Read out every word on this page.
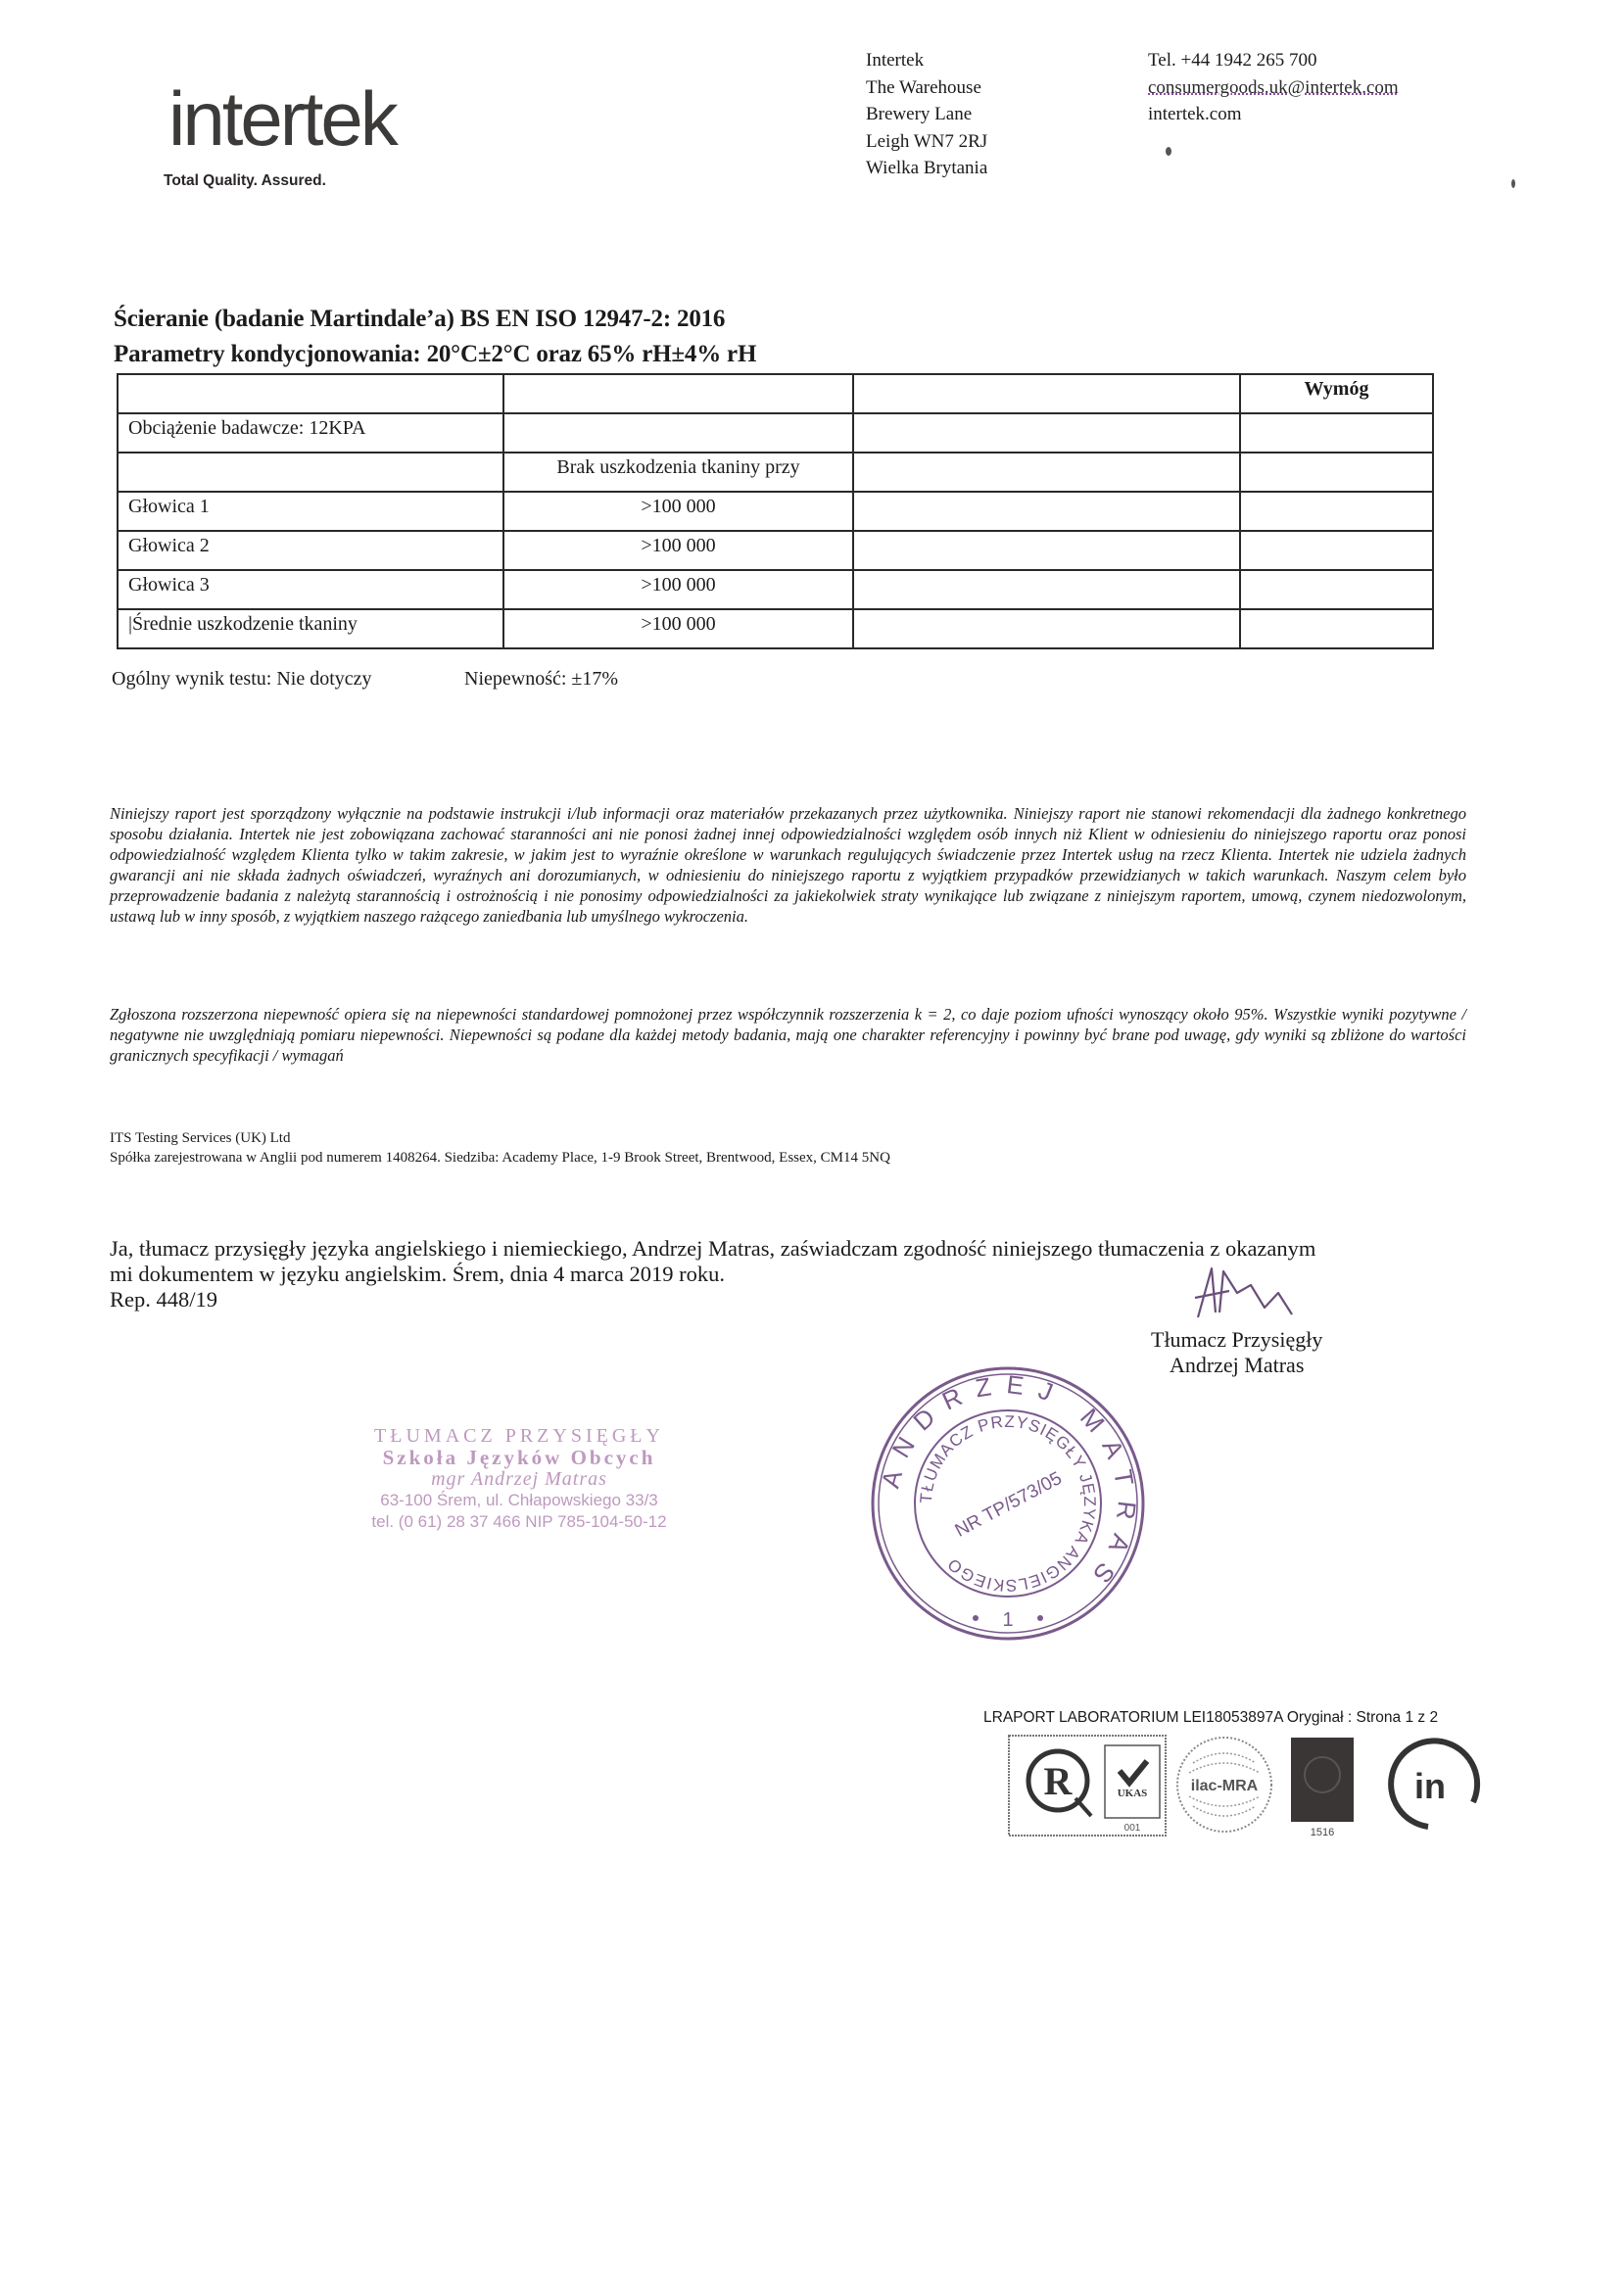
intertek
Total Quality. Assured.
Intertek
The Warehouse
Brewery Lane
Leigh WN7 2RJ
Wielka Brytania
Tel. +44 1942 265 700
consumergoods.uk@intertek.com
intertek.com
Ścieranie (badanie Martindale’a) BS EN ISO 12947-2: 2016
Parametry kondycjonowania: 20°C±2°C oraz 65% rH±4% rH
			Wymóg
Obciążenie badawcze: 12KPA			
	Brak uszkodzenia tkaniny przy		
Głowica 1	>100 000		
Głowica 2	>100 000		
Głowica 3	>100 000		
|Średnie uszkodzenie tkaniny	>100 000		
Ogólny wynik testu: Nie dotyczy	Niepewność: ±17%
Niniejszy raport jest sporządzony wyłącznie na podstawie instrukcji i/lub informacji oraz materiałów przekazanych przez użytkownika. Niniejszy raport nie stanowi rekomendacji dla żadnego konkretnego sposobu działania. Intertek nie jest zobowiązana zachować staranności ani nie ponosi żadnej innej odpowiedzialności względem osób innych niż Klient w odniesieniu do niniejszego raportu oraz ponosi odpowiedzialność względem Klienta tylko w takim zakresie, w jakim jest to wyraźnie określone w warunkach regulujących świadczenie przez Intertek usług na rzecz Klienta. Intertek nie udziela żadnych gwarancji ani nie składa żadnych oświadczeń, wyraźnych ani dorozumianych, w odniesieniu do niniejszego raportu z wyjątkiem przypadków przewidzianych w takich warunkach. Naszym celem było przeprowadzenie badania z należytą starannością i ostrożnością i nie ponosimy odpowiedzialności za jakiekolwiek straty wynikające lub związane z niniejszym raportem, umową, czynem niedozwolonym, ustawą lub w inny sposób, z wyjątkiem naszego rażącego zaniedbania lub umyślnego wykroczenia.
Zgłoszona rozszerzona niepewność opiera się na niepewności standardowej pomnożonej przez współczynnik rozszerzenia k = 2, co daje poziom ufności wynoszący około 95%. Wszystkie wyniki pozytywne / negatywne nie uwzględniają pomiaru niepewności. Niepewności są podane dla każdej metody badania, mają one charakter referencyjny i powinny być brane pod uwagę, gdy wyniki są zbliżone do wartości granicznych specyfikacji / wymagań
ITS Testing Services (UK) Ltd
Spółka zarejestrowana w Anglii pod numerem 1408264. Siedziba: Academy Place, 1-9 Brook Street, Brentwood, Essex, CM14 5NQ
Ja, tłumacz przysięgły języka angielskiego i niemieckiego, Andrzej Matras, zaświadczam zgodność niniejszego tłumaczenia z okazanym
mi dokumentem w języku angielskim. Śrem, dnia 4 marca 2019 roku.
Rep. 448/19
Tłumacz Przysięgły
Andrzej Matras
TŁUMACZ PRZYSIĘGŁY
Szkoła Języków Obcych
mgr Andrzej Matras
63-100 Śrem, ul. Chłapowskiego 33/3
tel. (0 61) 28 37 466 NIP 785-104-50-12
ANDRZEJ MATRAS
TŁUMACZ PRZYSIĘGŁY JĘZYKA ANGIELSKIEGO
NR TP/573/05
1
LRAPORT LABORATORIUM LEI18053897A Oryginał : Strona 1 z 2
R	UKAS
001
ilac-MRA
1516
in
